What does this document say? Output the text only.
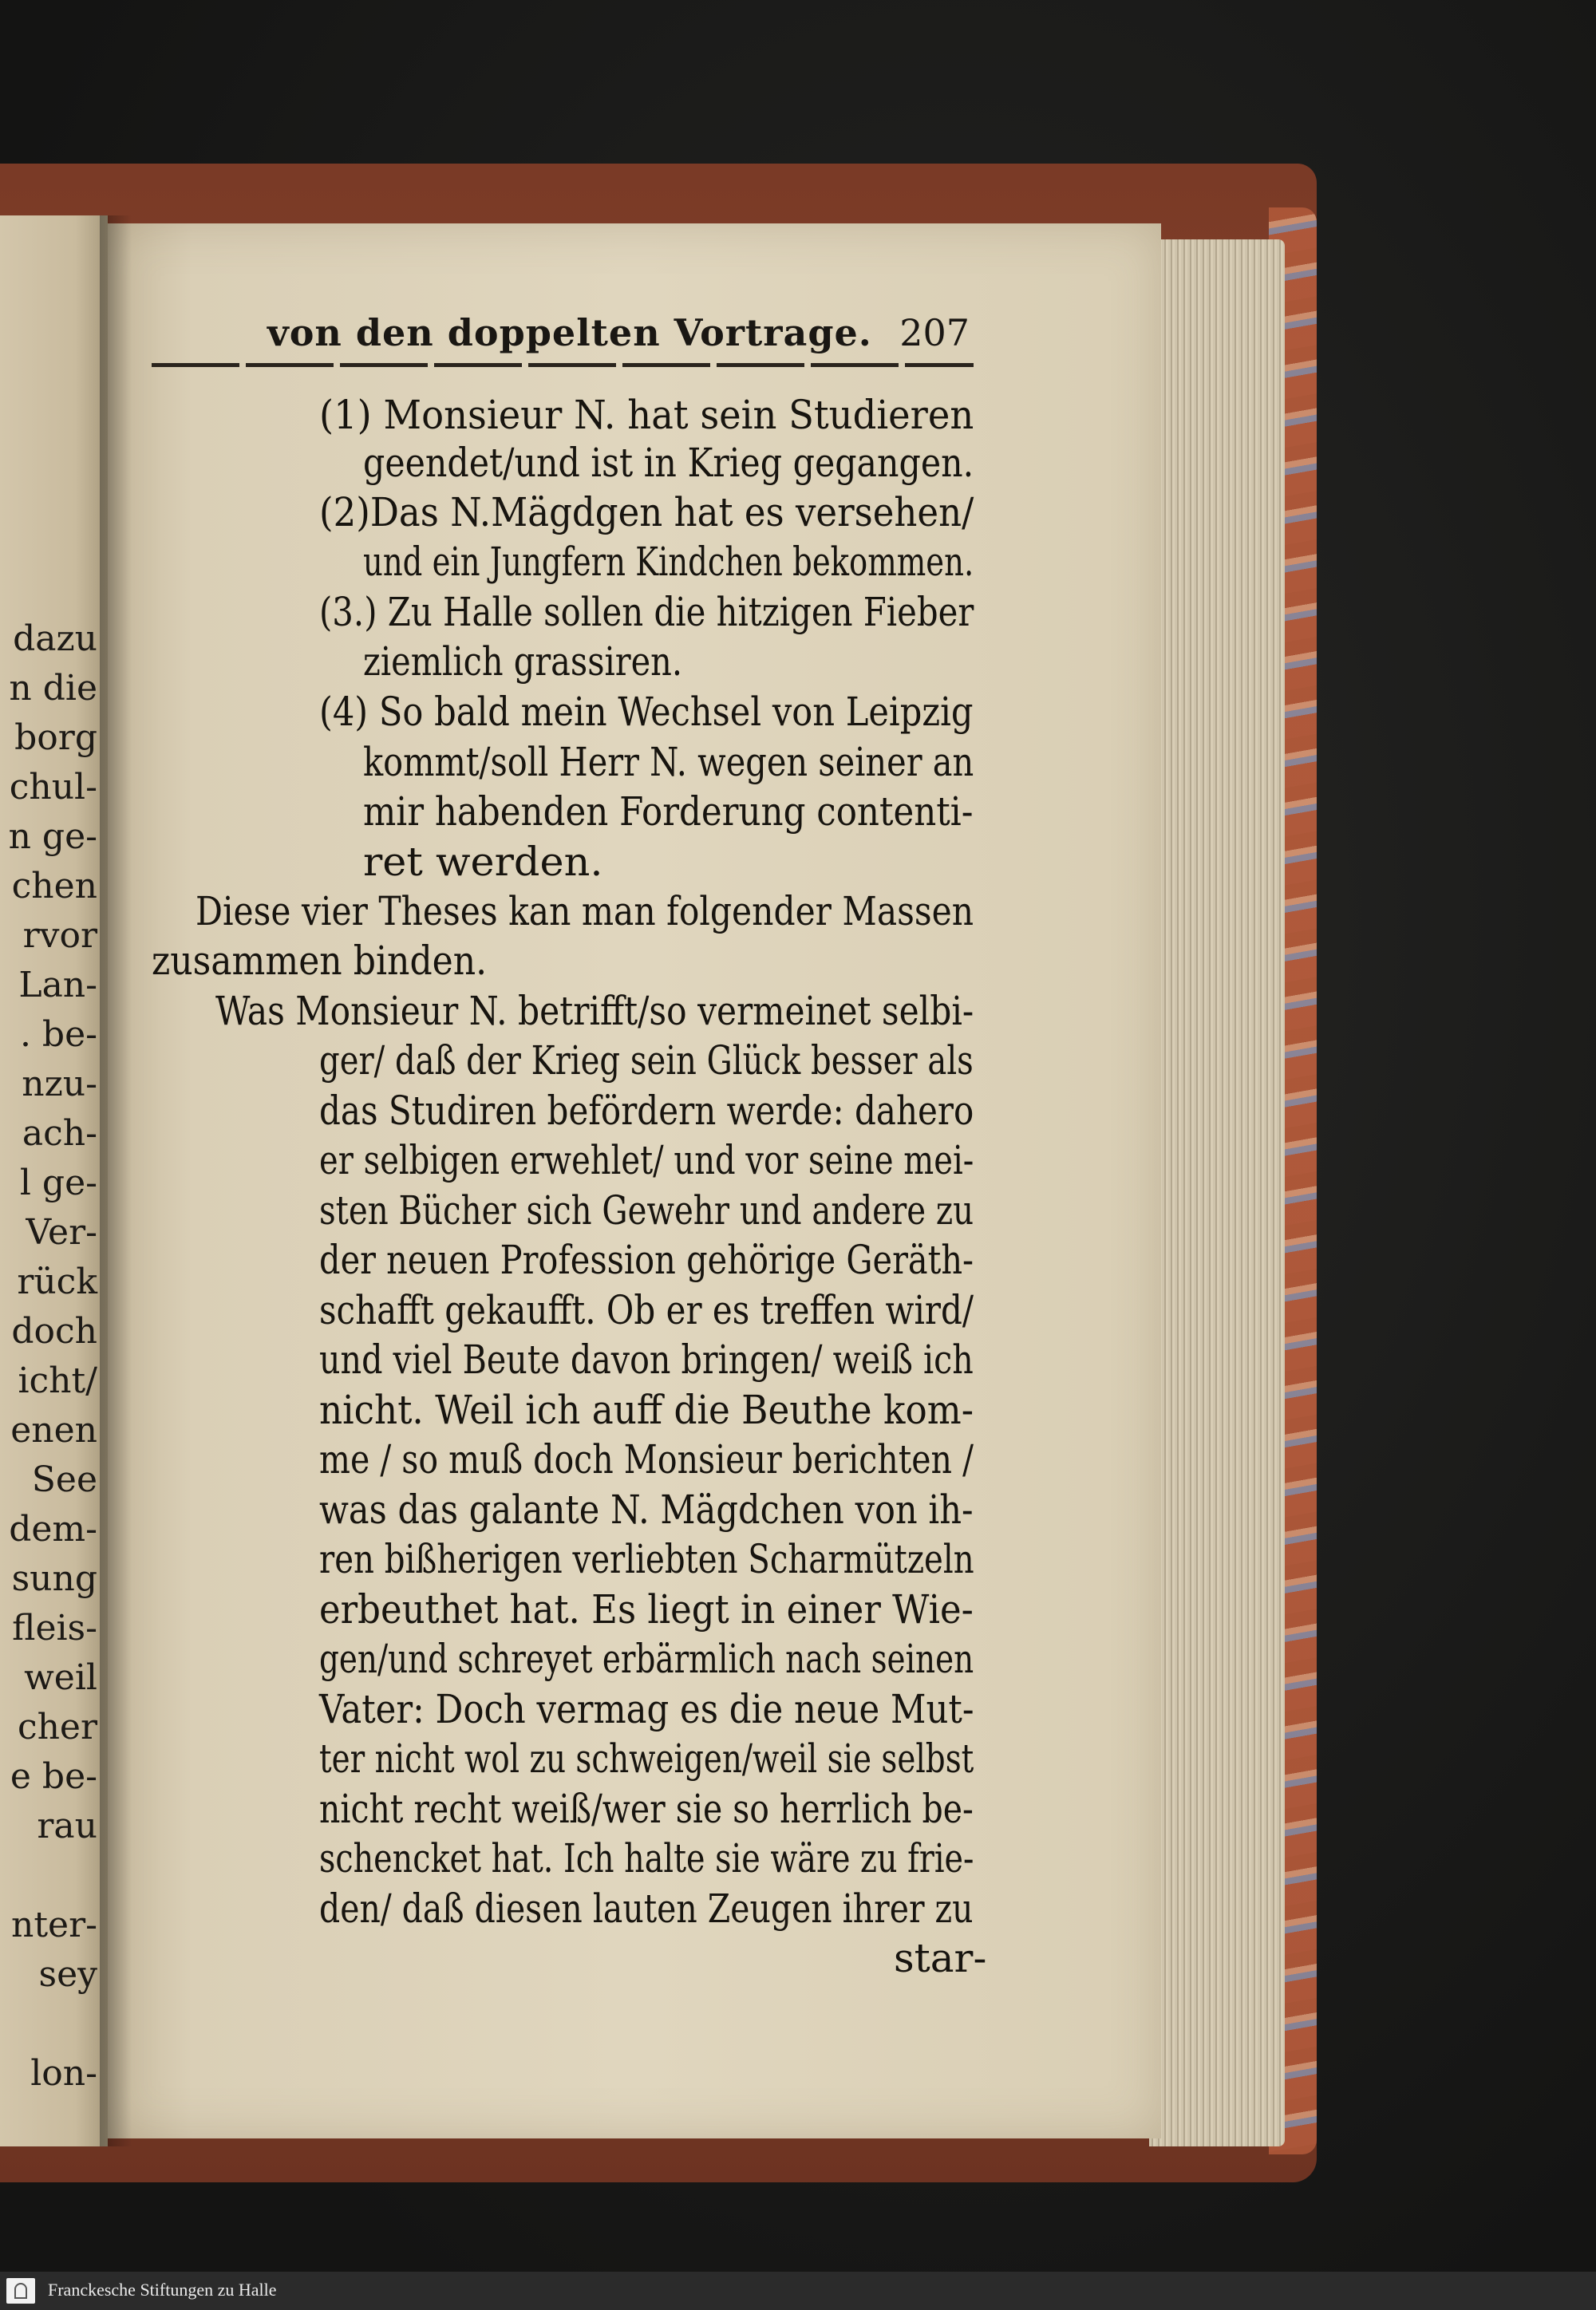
dazu
n die
borg
chul-
n ge-
chen
rvor
Lan-
. be-
nzu-
ach-
l ge-
Ver-
rück
doch
icht/
enen
See
dem-
sung
fleis-
weil
cher
e be-
rau
nter-
sey
lon-
von den doppelten Vortrage. 207
(1) Monsieur N. hat sein Studieren
geendet/und ist in Krieg gegangen.
(2)Das N.Mägdgen hat es versehen/
und ein Jungfern Kindchen bekommen.
(3.) Zu Halle sollen die hitzigen Fieber
ziemlich grassiren.
(4) So bald mein Wechsel von Leipzig
kommt/soll Herr N. wegen seiner an
mir habenden Forderung contenti-
ret werden.
Diese vier Theses kan man folgender Massen
zusammen binden.
Was Monsieur N. betrifft/so vermeinet selbi-
ger/ daß der Krieg sein Glück besser als
das Studiren befördern werde: dahero
er selbigen erwehlet/ und vor seine mei-
sten Bücher sich Gewehr und andere zu
der neuen Profession gehörige Geräth-
schafft gekaufft. Ob er es treffen wird/
und viel Beute davon bringen/ weiß ich
nicht. Weil ich auff die Beuthe kom-
me / so muß doch Monsieur berichten /
was das galante N. Mägdchen von ih-
ren bißherigen verliebten Scharmützeln
erbeuthet hat. Es liegt in einer Wie-
gen/und schreyet erbärmlich nach seinen
Vater: Doch vermag es die neue Mut-
ter nicht wol zu schweigen/weil sie selbst
nicht recht weiß/wer sie so herrlich be-
schencket hat. Ich halte sie wäre zu frie-
den/ daß diesen lauten Zeugen ihrer zu
star-
Franckesche Stiftungen zu Halle
